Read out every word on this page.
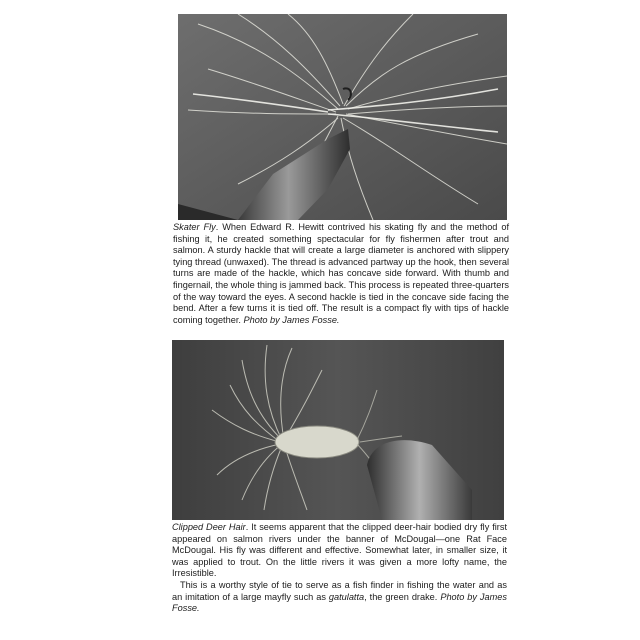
Skater Fly. When Edward R. Hewitt contrived his skating fly and the method of fishing it, he created something spectacular for fly fishermen after trout and salmon. A sturdy hackle that will create a large diameter is anchored with slippery tying thread (unwaxed). The thread is advanced partway up the hook, then several turns are made of the hackle, which has concave side forward. With thumb and fingernail, the whole thing is jammed back. This process is repeated three-quarters of the way toward the eyes. A second hackle is tied in the concave side facing the bend. After a few turns it is tied off. The result is a compact fly with tips of hackle coming together. Photo by James Fosse.

Clipped Deer Hair. It seems apparent that the clipped deer-hair bodied dry fly first appeared on salmon rivers under the banner of McDougal—one Rat Face McDougal. His fly was different and effective. Somewhat later, in smaller size, it was applied to trout. On the little rivers it was given a more lofty name, the Irresistible.
This is a worthy style of tie to serve as a fish finder in fishing the water and as an imitation of a large mayfly such as gatulatta, the green drake. Photo by James Fosse.
